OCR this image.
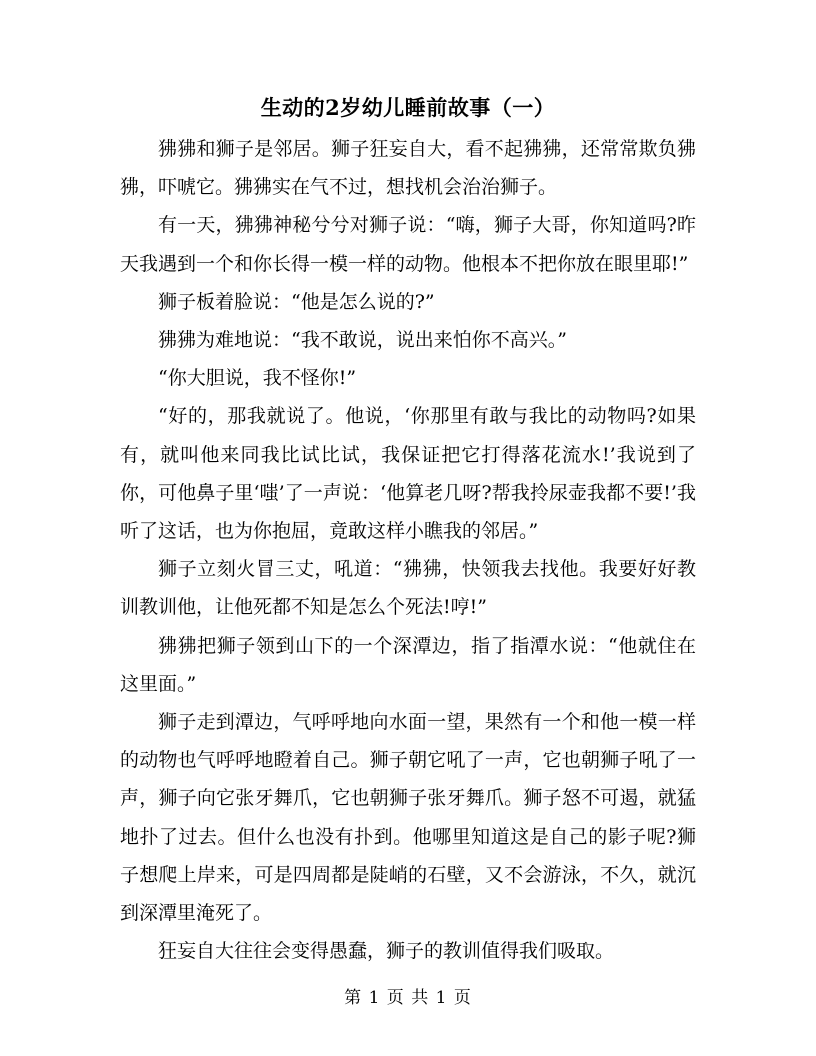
生动的2岁幼儿睡前故事（一）

狒狒和狮子是邻居。狮子狂妄自大，看不起狒狒，还常常欺负狒狒，吓唬它。狒狒实在气不过，想找机会治治狮子。

有一天，狒狒神秘兮兮对狮子说：“嗨，狮子大哥，你知道吗?昨天我遇到一个和你长得一模一样的动物。他根本不把你放在眼里耶!”

狮子板着脸说：“他是怎么说的?”

狒狒为难地说：“我不敢说，说出来怕你不高兴。”

“你大胆说，我不怪你!”

“好的，那我就说了。他说，‘你那里有敢与我比的动物吗?如果有，就叫他来同我比试比试，我保证把它打得落花流水!’我说到了你，可他鼻子里‘嗤’了一声说：‘他算老几呀?帮我拎尿壶我都不要!’我听了这话，也为你抱屈，竟敢这样小瞧我的邻居。”

狮子立刻火冒三丈，吼道：“狒狒，快领我去找他。我要好好教训教训他，让他死都不知是怎么个死法!哼!”

狒狒把狮子领到山下的一个深潭边，指了指潭水说：“他就住在这里面。”

狮子走到潭边，气呼呼地向水面一望，果然有一个和他一模一样的动物也气呼呼地瞪着自己。狮子朝它吼了一声，它也朝狮子吼了一声，狮子向它张牙舞爪，它也朝狮子张牙舞爪。狮子怒不可遏，就猛地扑了过去。但什么也没有扑到。他哪里知道这是自己的影子呢?狮子想爬上岸来，可是四周都是陡峭的石壁，又不会游泳，不久，就沉到深潭里淹死了。

狂妄自大往往会变得愚蠢，狮子的教训值得我们吸取。

第 1 页 共 1 页
